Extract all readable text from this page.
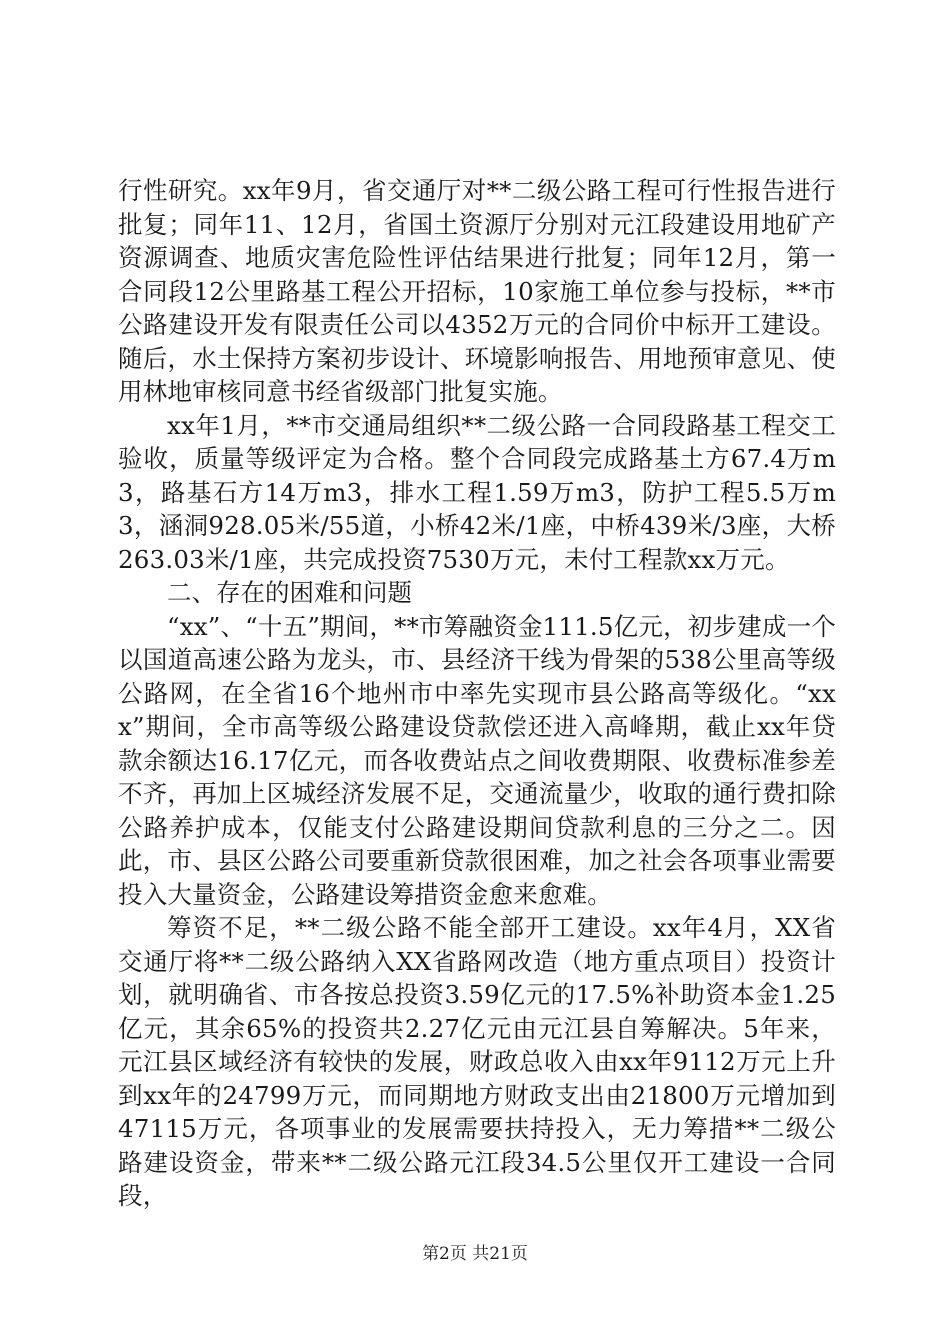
行性研究。xx年9月，省交通厅对**二级公路工程可行性报告进行批复；同年11、12月，省国土资源厅分别对元江段建设用地矿产资源调查、地质灾害危险性评估结果进行批复；同年12月，第一合同段12公里路基工程公开招标，10家施工单位参与投标，**市公路建设开发有限责任公司以4352万元的合同价中标开工建设。随后，水土保持方案初步设计、环境影响报告、用地预审意见、使用林地审核同意书经省级部门批复实施。

xx年1月，**市交通局组织**二级公路一合同段路基工程交工验收，质量等级评定为合格。整个合同段完成路基土方67.4万m3，路基石方14万m3，排水工程1.59万m3，防护工程5.5万m3，涵洞928.05米/55道，小桥42米/1座，中桥439米/3座，大桥263.03米/1座，共完成投资7530万元，未付工程款xx万元。

二、存在的困难和问题

“xx”、“十五”期间，**市筹融资金111.5亿元，初步建成一个以国道高速公路为龙头，市、县经济干线为骨架的538公里高等级公路网，在全省16个地州市中率先实现市县公路高等级化。“xxx”期间，全市高等级公路建设贷款偿还进入高峰期，截止xx年贷款余额达16.17亿元，而各收费站点之间收费期限、收费标准参差不齐，再加上区城经济发展不足，交通流量少，收取的通行费扣除公路养护成本，仅能支付公路建设期间贷款利息的三分之二。因此，市、县区公路公司要重新贷款很困难，加之社会各项事业需要投入大量资金，公路建设筹措资金愈来愈难。

筹资不足，**二级公路不能全部开工建设。xx年4月，XX省交通厅将**二级公路纳入XX省路网改造（地方重点项目）投资计划，就明确省、市各按总投资3.59亿元的17.5%补助资本金1.25亿元，其余65%的投资共2.27亿元由元江县自筹解决。5年来，元江县区域经济有较快的发展，财政总收入由xx年9112万元上升到xx年的24799万元，而同期地方财政支出由21800万元增加到47115万元，各项事业的发展需要扶持投入，无力筹措**二级公路建设资金，带来**二级公路元江段34.5公里仅开工建设一合同段，

第2页 共21页
